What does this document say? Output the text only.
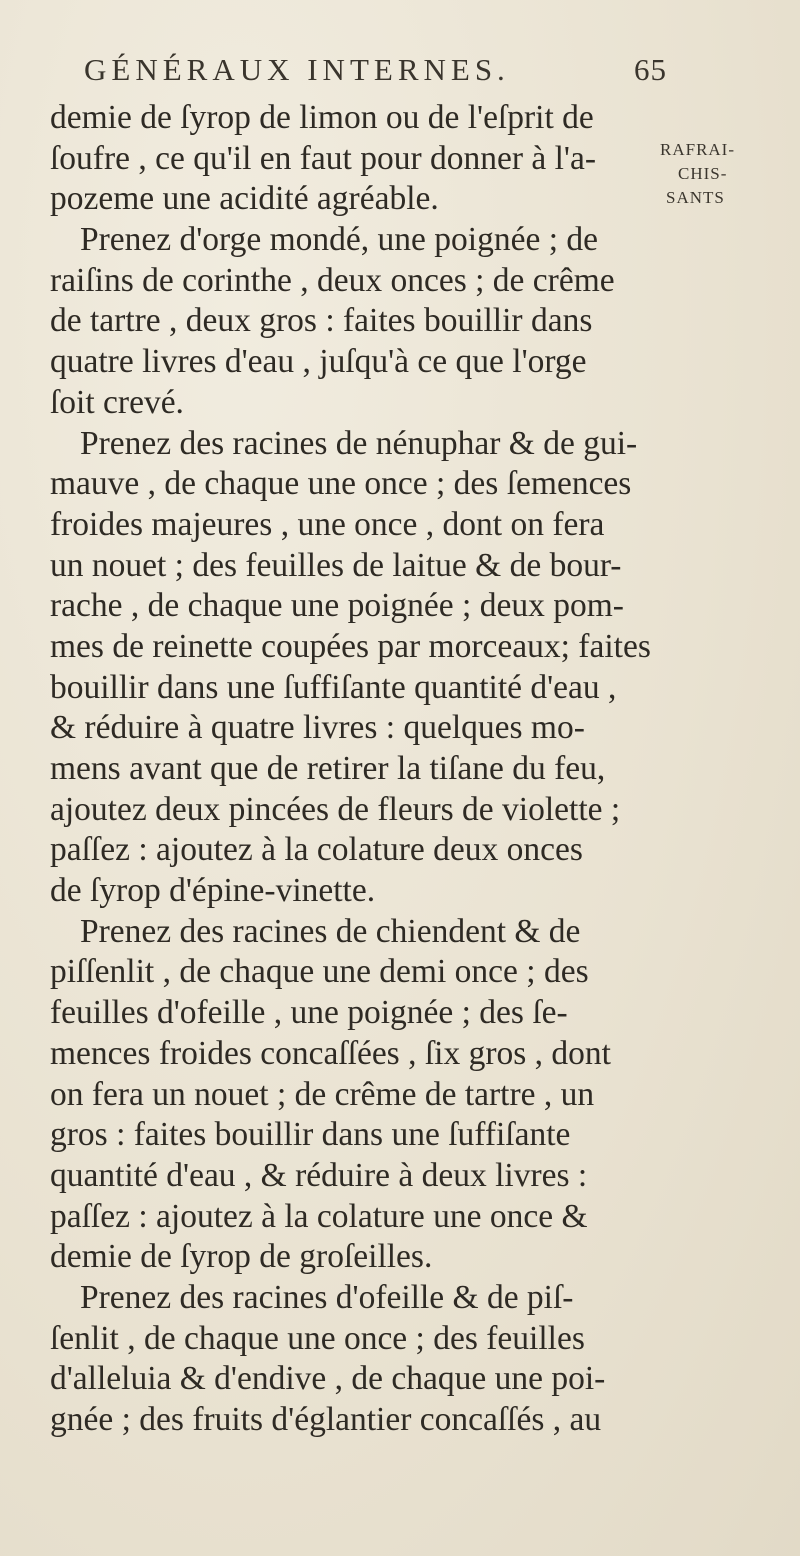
GÉNÉRAUX INTERNES.	65
RAFRAI-
CHIS-
SANTS
demie de ſyrop de limon ou de l'eſprit de
ſoufre , ce qu'il en faut pour donner à l'a-
pozeme une acidité agréable.
Prenez d'orge mondé, une poignée ; de
raiſins de corinthe , deux onces ; de crême
de tartre , deux gros : faites bouillir dans
quatre livres d'eau , juſqu'à ce que l'orge
ſoit crevé.
Prenez des racines de nénuphar & de gui-
mauve , de chaque une once ; des ſemences
froides majeures , une once , dont on fera
un nouet ; des feuilles de laitue & de bour-
rache , de chaque une poignée ; deux pom-
mes de reinette coupées par morceaux; faites
bouillir dans une ſuffiſante quantité d'eau ,
& réduire à quatre livres : quelques mo-
mens avant que de retirer la tiſane du feu,
ajoutez deux pincées de fleurs de violette ;
paſſez : ajoutez à la colature deux onces
de ſyrop d'épine-vinette.
Prenez des racines de chiendent & de
piſſenlit , de chaque une demi once ; des
feuilles d'ofeille , une poignée ; des ſe-
mences froides concaſſées , ſix gros , dont
on fera un nouet ; de crême de tartre , un
gros : faites bouillir dans une ſuffiſante
quantité d'eau , & réduire à deux livres :
paſſez : ajoutez à la colature une once &
demie de ſyrop de groſeilles.
Prenez des racines d'ofeille & de piſ-
ſenlit , de chaque une once ; des feuilles
d'alleluia & d'endive , de chaque une poi-
gnée ; des fruits d'églantier concaſſés , au
